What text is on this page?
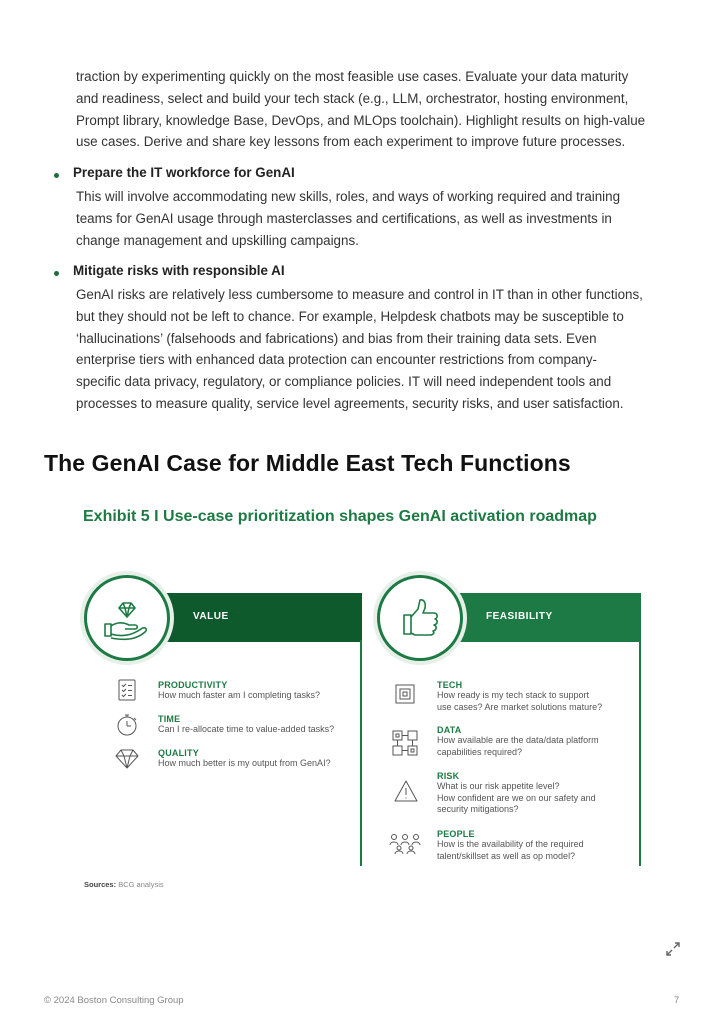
traction by experimenting quickly on the most feasible use cases. Evaluate your data maturity
and readiness, select and build your tech stack (e.g., LLM, orchestrator, hosting environment,
Prompt library, knowledge Base, DevOps, and MLOps toolchain). Highlight results on high-value
use cases. Derive and share key lessons from each experiment to improve future processes.
Prepare the IT workforce for GenAI
This will involve accommodating new skills, roles, and ways of working required and training
teams for GenAI usage through masterclasses and certifications, as well as investments in
change management and upskilling campaigns.
Mitigate risks with responsible AI
GenAI risks are relatively less cumbersome to measure and control in IT than in other functions,
but they should not be left to chance. For example, Helpdesk chatbots may be susceptible to
‘hallucinations’ (falsehoods and fabrications) and bias from their training data sets. Even
enterprise tiers with enhanced data protection can encounter restrictions from company-
specific data privacy, regulatory, or compliance policies. IT will need independent tools and
processes to measure quality, service level agreements, security risks, and user satisfaction.
The GenAI Case for Middle East Tech Functions
Exhibit 5 I Use-case prioritization shapes GenAI activation roadmap
VALUE	FEASIBILITY
PRODUCTIVITY
How much faster am I completing tasks?
TIME
Can I re-allocate time to value-added tasks?
QUALITY
How much better is my output from GenAI?
TECH
How ready is my tech stack to support
use cases? Are market solutions mature?
DATA
How available are the data/data platform
capabilities required?
RISK
What is our risk appetite level?
How confident are we on our safety and
security mitigations?
PEOPLE
How is the availability of the required
talent/skillset as well as op model?
Sources: BCG analysis
© 2024 Boston Consulting Group	7
